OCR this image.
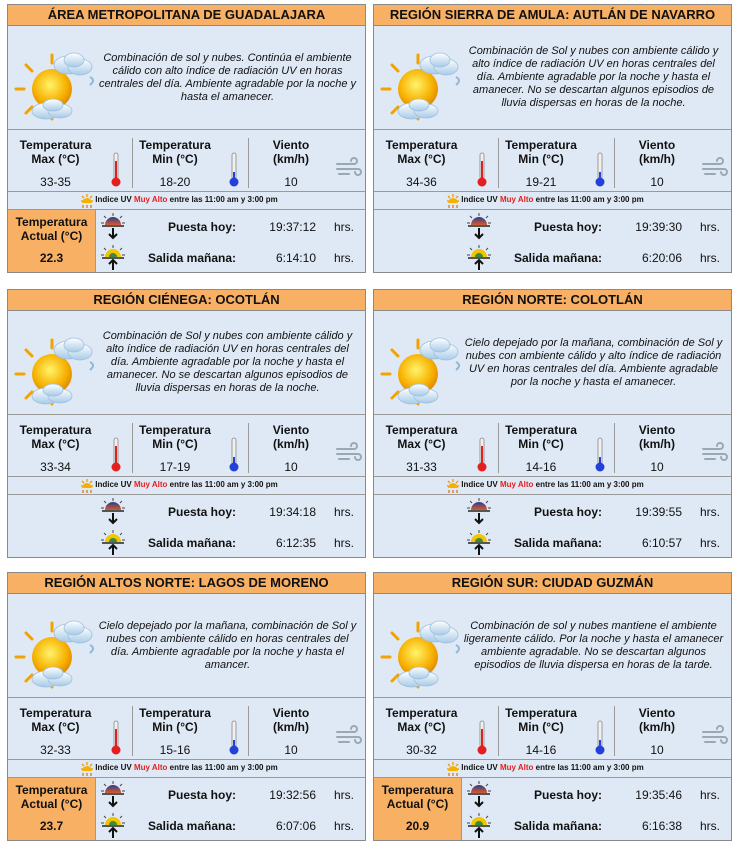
ÁREA METROPOLITANA DE GUADALAJARA
Combinación de sol y nubes. Continúa el ambiente cálido con alto índice de radiación UV en horas centrales del día. Ambiente agradable por la noche y hasta el amanecer.
Temperatura
Max (°C)
33-35
Temperatura
Min (°C)
18-20
Viento
(km/h)
10
Indice UV Muy Alto entre las 11:00 am y 3:00 pm
Temperatura
Actual (°C)
22.3
Puesta hoy:	19:37:12 hrs.
Salida mañana:	6:14:10 hrs.
REGIÓN SIERRA DE AMULA: AUTLÁN DE NAVARRO
Combinación de Sol y nubes con ambiente cálido y alto índice de radiación UV en horas centrales del día. Ambiente agradable por la noche y hasta el amanecer. No se descartan algunos episodios de lluvia dispersas en horas de la noche.
Temperatura
Max (°C)
34-36
Temperatura
Min (°C)
19-21
Viento
(km/h)
10
Indice UV Muy Alto entre las 11:00 am y 3:00 pm
Puesta hoy:	19:39:30 hrs.
Salida mañana:	6:20:06 hrs.
REGIÓN CIÉNEGA: OCOTLÁN
Combinación de Sol y nubes con ambiente cálido y alto índice de radiación UV en horas centrales del día. Ambiente agradable por la noche y hasta el amanecer. No se descartan algunos episodios de lluvia dispersas en horas de la noche.
Temperatura
Max (°C)
33-34
Temperatura
Min (°C)
17-19
Viento
(km/h)
10
Indice UV Muy Alto entre las 11:00 am y 3:00 pm
Puesta hoy:	19:34:18 hrs.
Salida mañana:	6:12:35 hrs.
REGIÓN NORTE: COLOTLÁN
Cielo depejado por la mañana, combinación de Sol y nubes con ambiente cálido y alto índice de radiación UV en horas centrales del día. Ambiente agradable por la noche y hasta el amanecer.
Temperatura
Max (°C)
31-33
Temperatura
Min (°C)
14-16
Viento
(km/h)
10
Indice UV Muy Alto entre las 11:00 am y 3:00 pm
Puesta hoy:	19:39:55 hrs.
Salida mañana:	6:10:57 hrs.
REGIÓN ALTOS NORTE: LAGOS DE MORENO
Cielo depejado por la mañana, combinación de Sol y nubes con ambiente cálido en horas centrales del día. Ambiente agradable por la noche y hasta el amancer.
Temperatura
Max (°C)
32-33
Temperatura
Min (°C)
15-16
Viento
(km/h)
10
Indice UV Muy Alto entre las 11:00 am y 3:00 pm
Temperatura
Actual (°C)
23.7
Puesta hoy:	19:32:56 hrs.
Salida mañana:	6:07:06 hrs.
REGIÓN SUR: CIUDAD GUZMÁN
Combinación de sol y nubes mantiene el ambiente ligeramente cálido. Por la noche y hasta el amanecer ambiente agradable. No se descartan algunos episodios de lluvia dispersa en horas de la tarde.
Temperatura
Max (°C)
30-32
Temperatura
Min (°C)
14-16
Viento
(km/h)
10
Indice UV Muy Alto entre las 11:00 am y 3:00 pm
Temperatura
Actual (°C)
20.9
Puesta hoy:	19:35:46 hrs.
Salida mañana:	6:16:38 hrs.
